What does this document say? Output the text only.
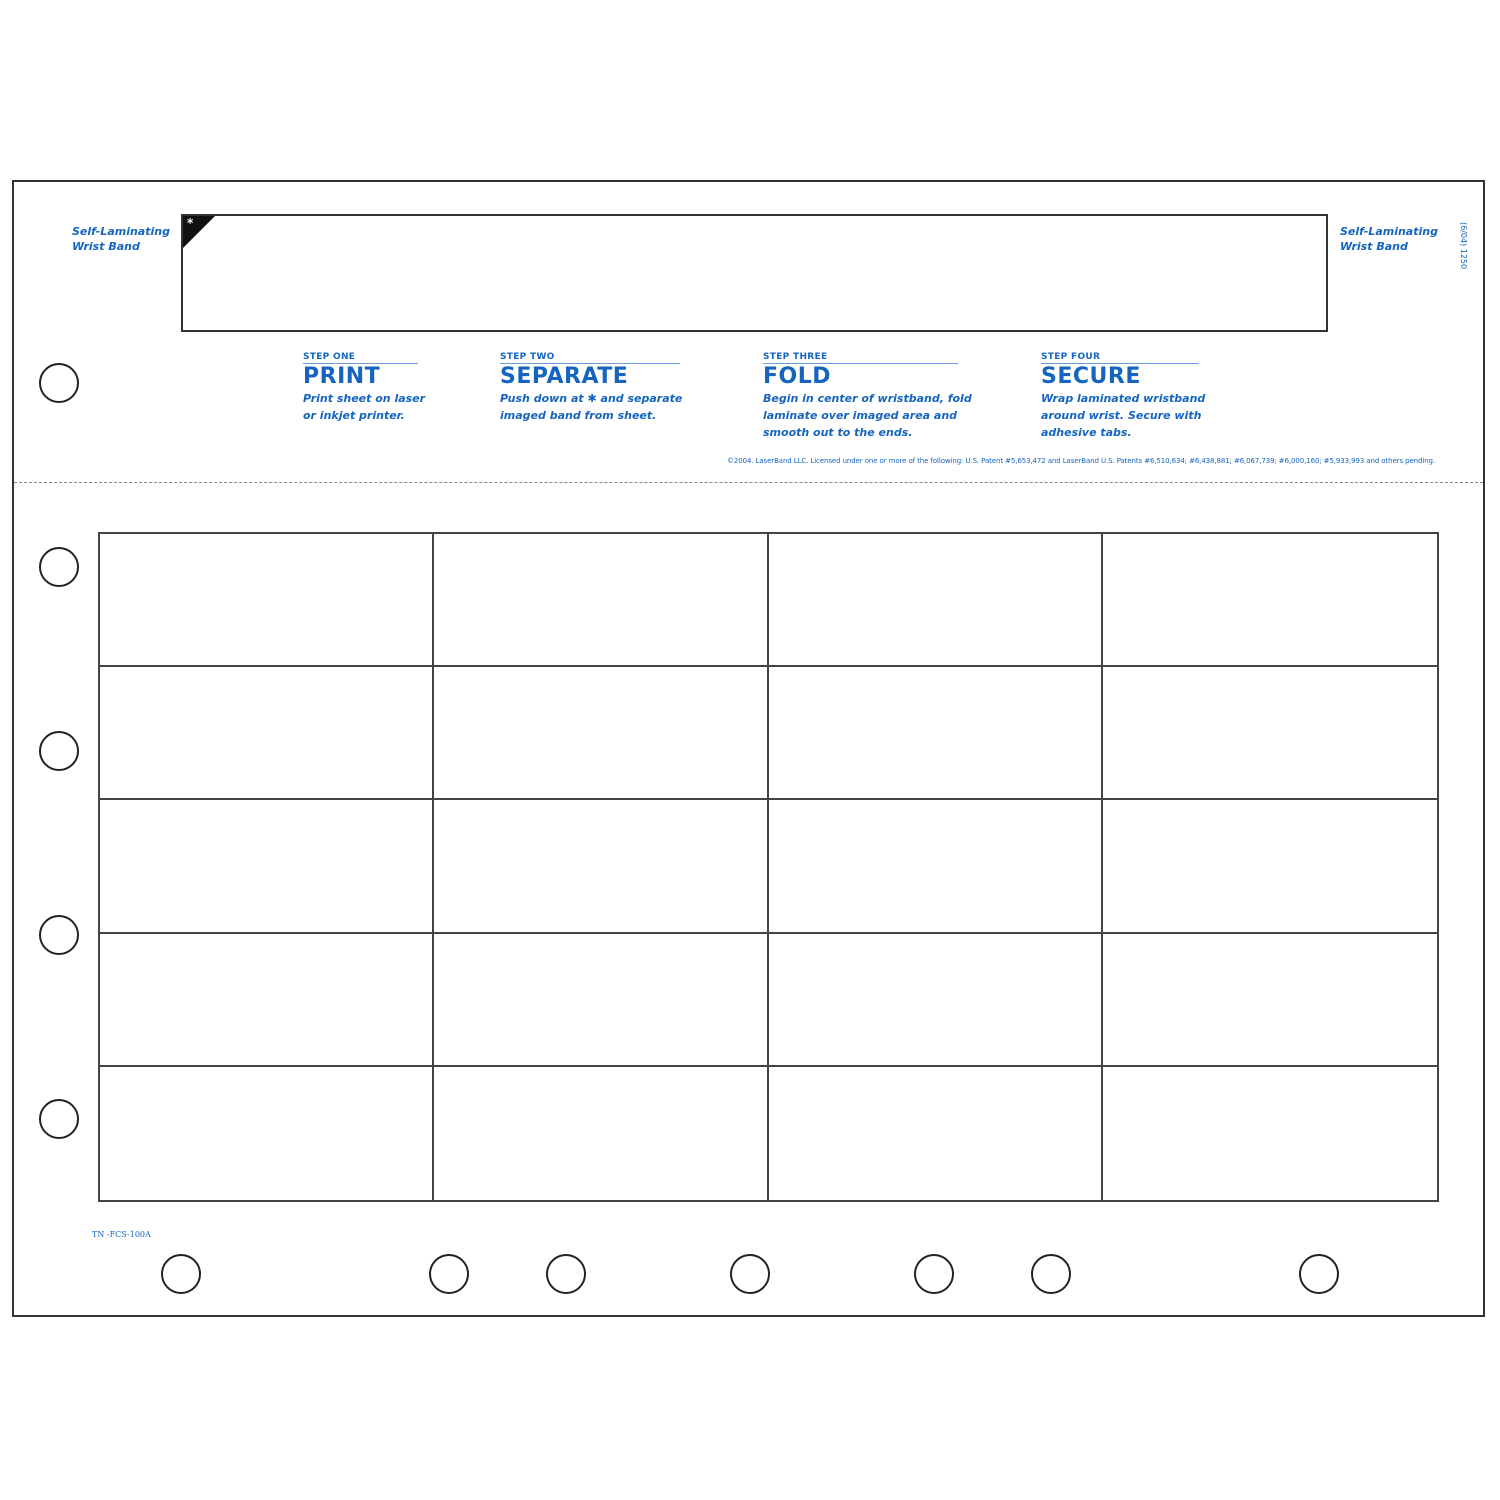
Self-Laminating
Wrist Band
*
Self-Laminating
Wrist Band	(6/04) 1250
STEP ONE
PRINT
Print sheet on laser
or inkjet printer.
STEP TWO
SEPARATE
Push down at ✱ and separate
imaged band from sheet.
STEP THREE
FOLD
Begin in center of wristband, fold
laminate over imaged area and
smooth out to the ends.
STEP FOUR
SECURE
Wrap laminated wristband
around wrist. Secure with
adhesive tabs.
©2004. LaserBand LLC. Licensed under one or more of the following: U.S. Patent #5,653,472 and LaserBand U.S. Patents #6,510,634; #6,438,881; #6,067,739; #6,000,160; #5,933,993 and others pending.
TN -FCS-100A
